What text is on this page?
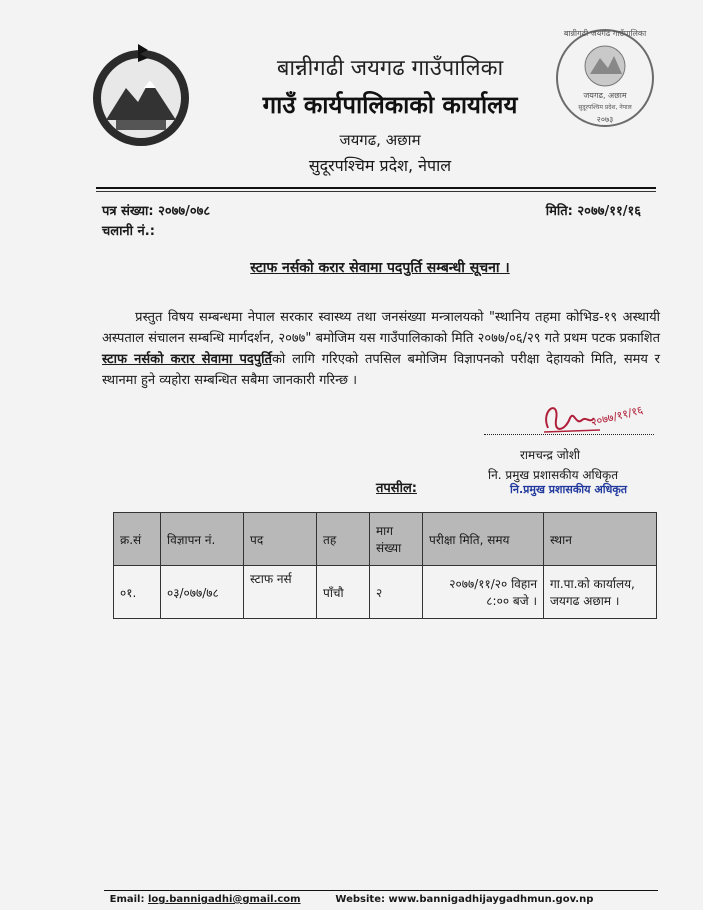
बान्नीगढी जयगढ गाउँपालिका
गाउँ कार्यपालिकाको कार्यालय
जयगढ, अछाम
सुदूरपश्चिम प्रदेश, नेपाल
बान्नीगढी जयगढ गाउँपालिका
जयगढ, अछाम
सुदूरपश्चिम प्रदेश, नेपाल
२०७३
पत्र संख्या: २०७७/०७८	मिति: २०७७/११/१६
चलानी नं.:
स्टाफ नर्सको करार सेवामा पदपुर्ति सम्बन्धी सूचना ।
प्रस्तुत विषय सम्बन्धमा नेपाल सरकार स्वास्थ्य तथा जनसंख्या मन्त्रालयको "स्थानिय तहमा कोभिड-१९ अस्थायी अस्पताल संचालन सम्बन्धि मार्गदर्शन, २०७७" बमोजिम यस गाउँपालिकाको मिति २०७७/०६/२९ गते प्रथम पटक प्रकाशित स्टाफ नर्सको करार सेवामा पदपुर्तिको लागि गरिएको तपसिल बमोजिम विज्ञापनको परीक्षा देहायको मिति, समय र स्थानमा हुने व्यहोरा सम्बन्धित सबैमा जानकारी गरिन्छ ।
२०७७/११/१६
रामचन्द्र जोशी
नि. प्रमुख प्रशासकीय अधिकृत
नि.प्रमुख प्रशासकीय अधिकृत
तपसील:
क्र.सं	विज्ञापन नं.	पद	तह	माग संख्या	परीक्षा मिति, समय	स्थान
०१.	०३/०७७/७८	स्टाफ नर्स	पाँचौ	२	२०७७/११/२० विहान ८:०० बजे ।	गा.पा.को कार्यालय, जयगढ अछाम ।
Email: log.bannigadhi@gmail.com	Website: www.bannigadhijaygadhmun.gov.np
